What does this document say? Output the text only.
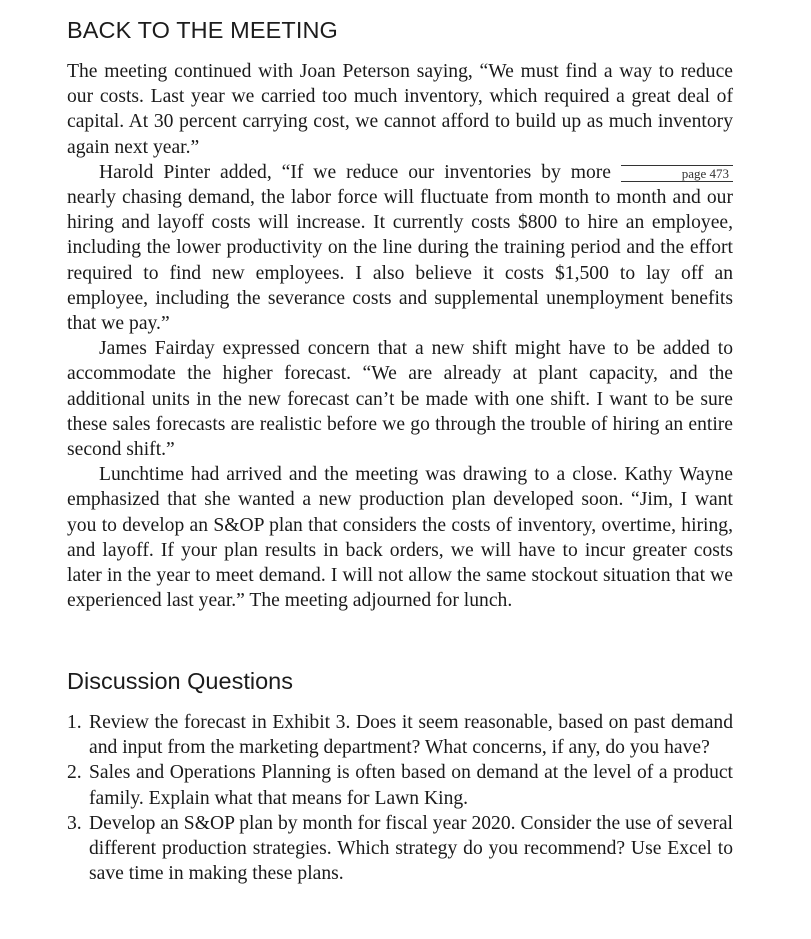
BACK TO THE MEETING

The meeting continued with Joan Peterson saying, “We must find a way to reduce our costs. Last year we carried too much inventory, which required a great deal of capital. At 30 percent carrying cost, we cannot afford to build up as much inventory again next year.”

page 473
Harold Pinter added, “If we reduce our inventories by more nearly chasing demand, the labor force will fluctuate from month to month and our hiring and layoff costs will increase. It currently costs $800 to hire an employee, including the lower productivity on the line during the training period and the effort required to find new employees. I also believe it costs $1,500 to lay off an employee, including the severance costs and supplemental unemployment benefits that we pay.”

James Fairday expressed concern that a new shift might have to be added to accommodate the higher forecast. “We are already at plant capacity, and the additional units in the new forecast can’t be made with one shift. I want to be sure these sales forecasts are realistic before we go through the trouble of hiring an entire second shift.”

Lunchtime had arrived and the meeting was drawing to a close. Kathy Wayne emphasized that she wanted a new production plan developed soon. “Jim, I want you to develop an S&OP plan that considers the costs of inventory, overtime, hiring, and layoff. If your plan results in back orders, we will have to incur greater costs later in the year to meet demand. I will not allow the same stockout situation that we experienced last year.” The meeting adjourned for lunch.

Discussion Questions
1. Review the forecast in Exhibit 3. Does it seem reasonable, based on past demand and input from the marketing department? What concerns, if any, do you have?
2. Sales and Operations Planning is often based on demand at the level of a product family. Explain what that means for Lawn King.
3. Develop an S&OP plan by month for fiscal year 2020. Consider the use of several different production strategies. Which strategy do you recommend? Use Excel to save time in making these plans.
